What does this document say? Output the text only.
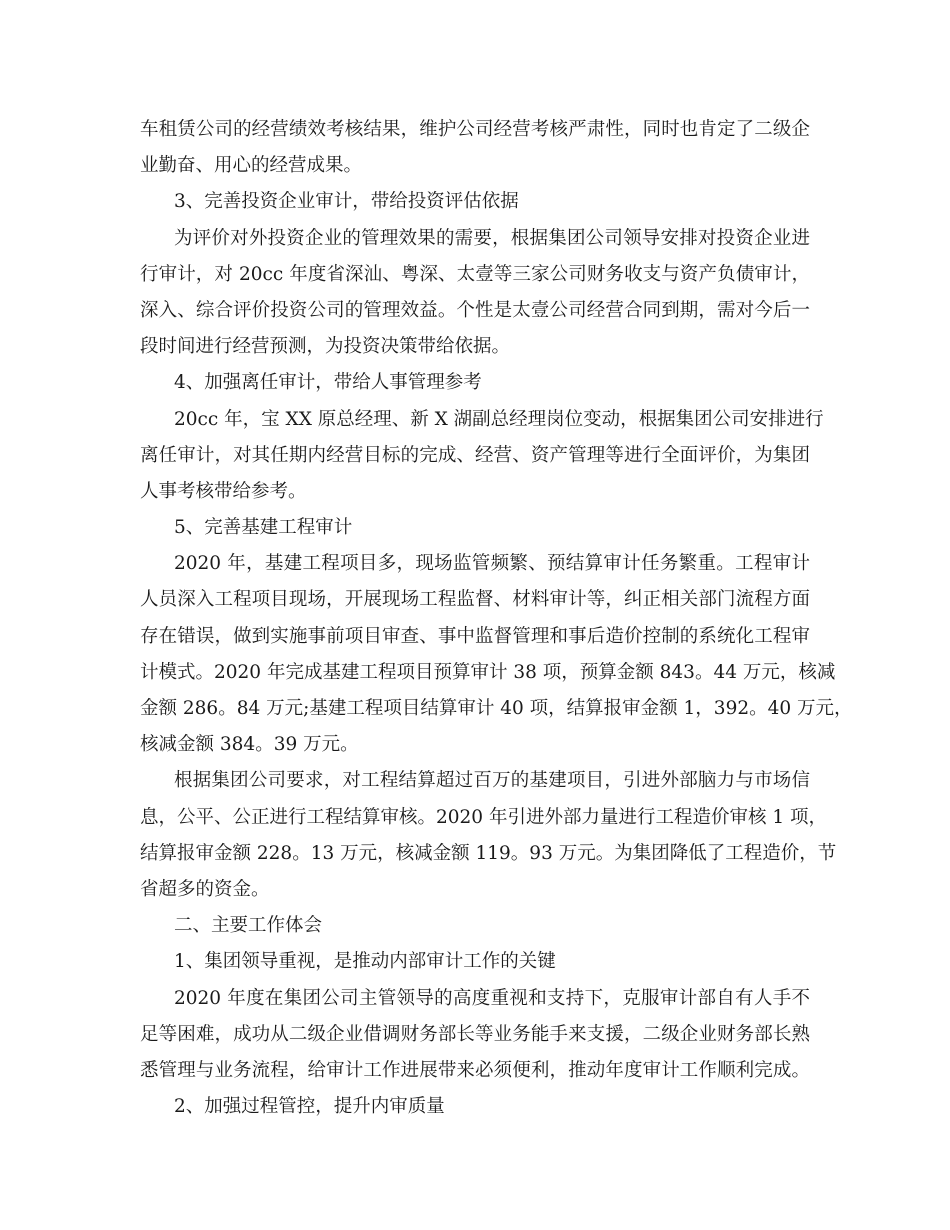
车租赁公司的经营绩效考核结果，维护公司经营考核严肃性，同时也肯定了二级企
业勤奋、用心的经营成果。
3、完善投资企业审计，带给投资评估依据
为评价对外投资企业的管理效果的需要，根据集团公司领导安排对投资企业进
行审计，对 20cc 年度省深汕、粤深、太壹等三家公司财务收支与资产负债审计，
深入、综合评价投资公司的管理效益。个性是太壹公司经营合同到期，需对今后一
段时间进行经营预测，为投资决策带给依据。
4、加强离任审计，带给人事管理参考
20cc 年，宝 XX 原总经理、新 X 湖副总经理岗位变动，根据集团公司安排进行
离任审计，对其任期内经营目标的完成、经营、资产管理等进行全面评价，为集团
人事考核带给参考。
5、完善基建工程审计
2020 年，基建工程项目多，现场监管频繁、预结算审计任务繁重。工程审计
人员深入工程项目现场，开展现场工程监督、材料审计等，纠正相关部门流程方面
存在错误，做到实施事前项目审查、事中监督管理和事后造价控制的系统化工程审
计模式。2020 年完成基建工程项目预算审计 38 项，预算金额 843。44 万元，核减
金额 286。84 万元;基建工程项目结算审计 40 项，结算报审金额 1，392。40 万元，
核减金额 384。39 万元。
根据集团公司要求，对工程结算超过百万的基建项目，引进外部脑力与市场信
息，公平、公正进行工程结算审核。2020 年引进外部力量进行工程造价审核 1 项，
结算报审金额 228。13 万元，核减金额 119。93 万元。为集团降低了工程造价，节
省超多的资金。
二、主要工作体会
1、集团领导重视，是推动内部审计工作的关键
2020 年度在集团公司主管领导的高度重视和支持下，克服审计部自有人手不
足等困难，成功从二级企业借调财务部长等业务能手来支援，二级企业财务部长熟
悉管理与业务流程，给审计工作进展带来必须便利，推动年度审计工作顺利完成。
2、加强过程管控，提升内审质量
